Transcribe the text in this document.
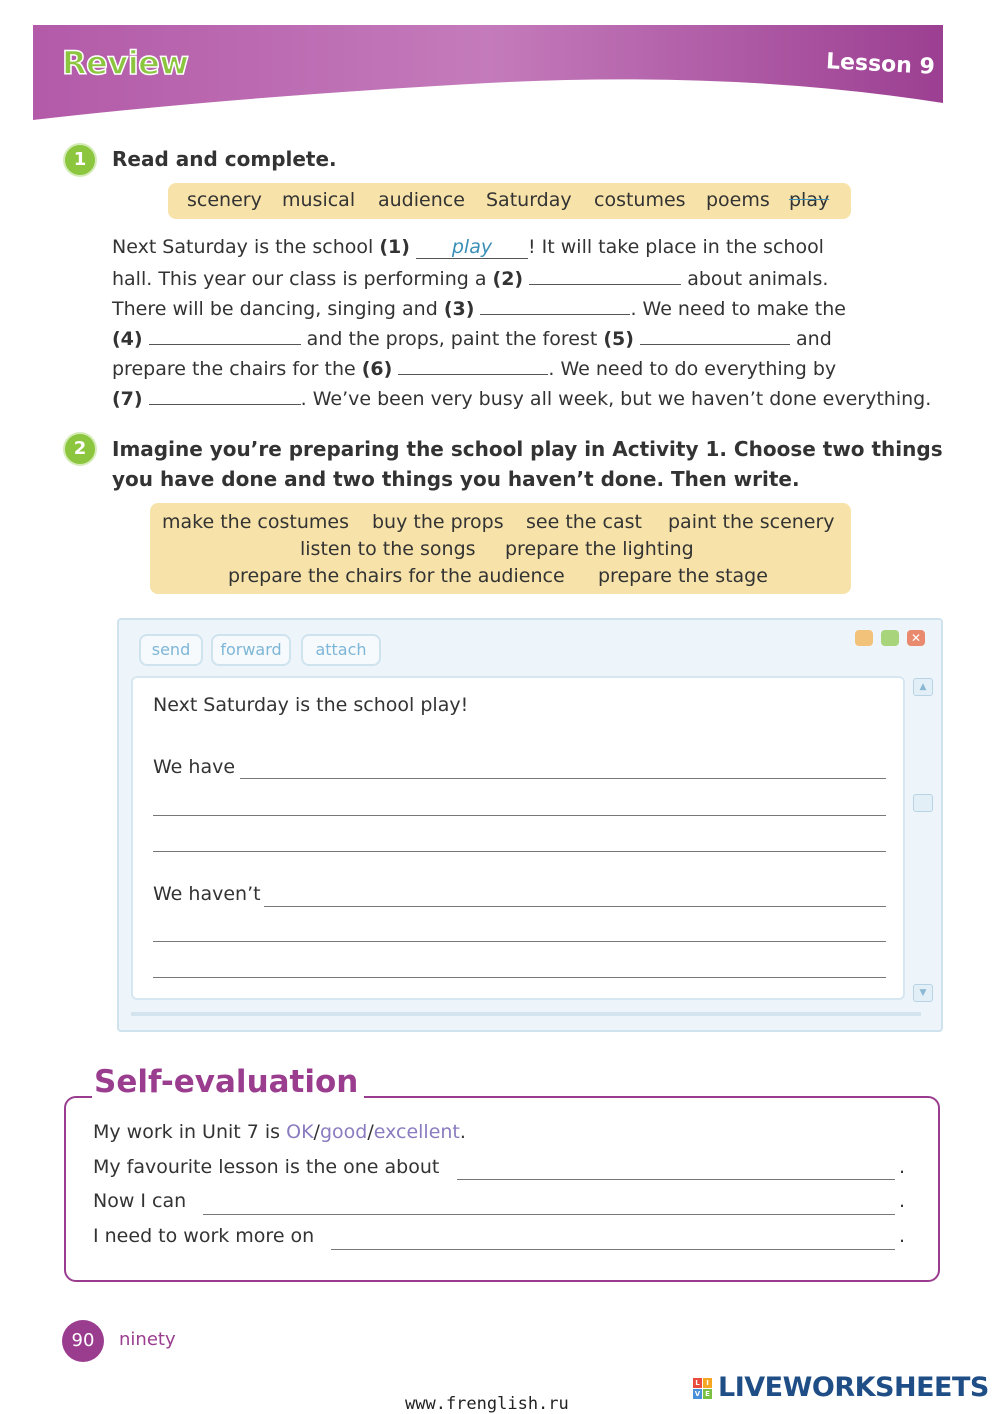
Review	Lesson 9
1	Read and complete.
scenery musical audience Saturday costumes poems play
Next Saturday is the school (1) play ! It will take place in the school
hall. This year our class is performing a (2)	about animals.
There will be dancing, singing and (3)	. We need to make the
(4)	and the props, paint the forest (5)	and
prepare the chairs for the (6)	. We need to do everything by
(7)	. We’ve been very busy all week, but we haven’t done everything.
2	Imagine you’re preparing the school play in Activity 1. Choose two things
you have done and two things you haven’t done. Then write.
make the costumes buy the props see the cast paint the scenery
listen to the songs prepare the lighting
prepare the chairs for the audience prepare the stage
send	forward	attach
✕
Next Saturday is the school play!
We have
We haven’t
▲
▼
Self-evaluation
My work in Unit 7 is OK/good/excellent.
My favourite lesson is the one about	.
Now I can	.
I need to work more on	.
90	ninety
www.frenglish.ru
L I
V E LIVEWORKSHEETS
